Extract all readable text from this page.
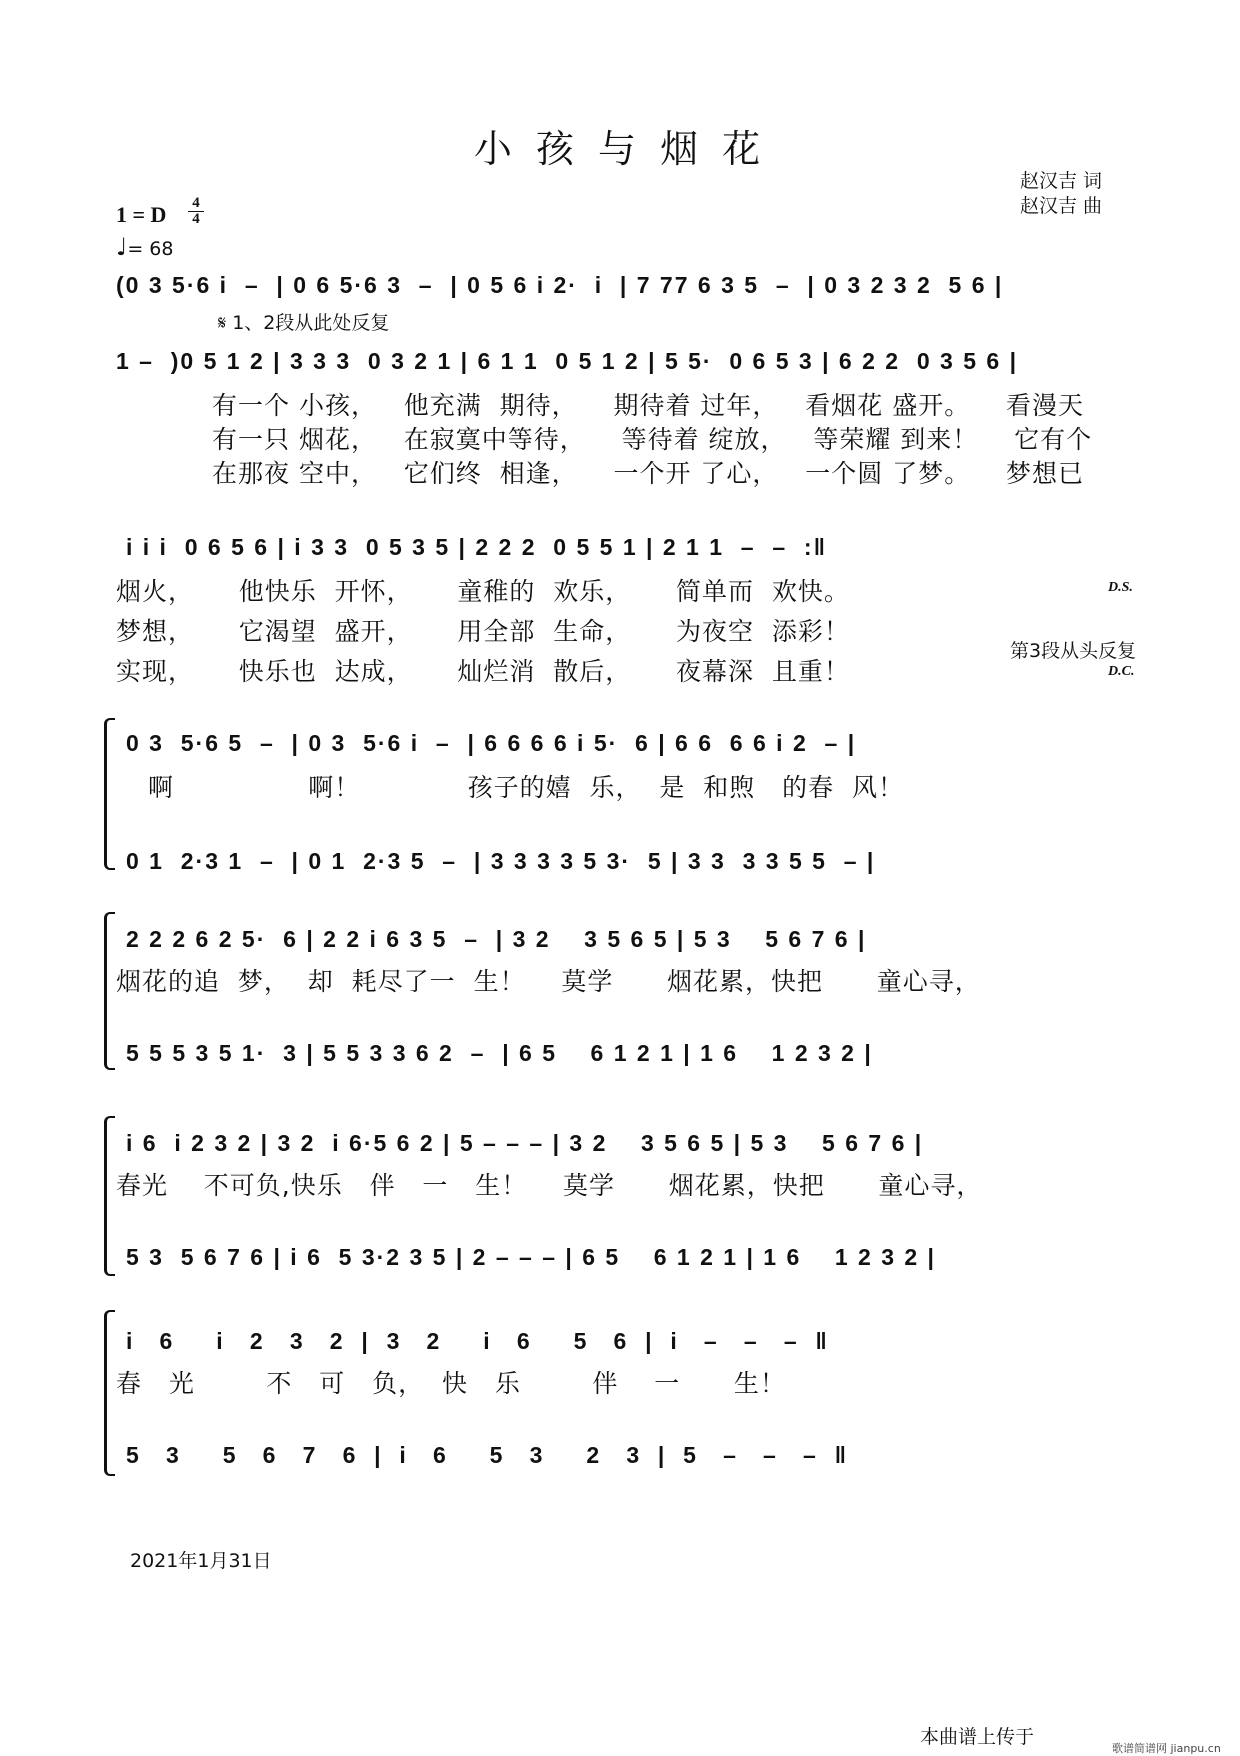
小 孩 与 烟 花
赵汉吉 词
赵汉吉 曲
1 = D 4
4
♩= 68
(0 3 5·6 i  –  | 0 6 5·6 3  –  | 0 5 6 i 2·  i  | 7 77 6 3 5  –  | 0 3 2 3 2  5 6 |
𝄋 1、2段从此处反复
1 –  )0 5 1 2 | 3 3 3  0 3 2 1 | 6 1 1  0 5 1 2 | 5 5·  0 6 5 3 | 6 2 2  0 3 5 6 |
有一个 小孩，   他充满  期待，    期待着 过年，   看烟花 盛开。    看漫天
有一只 烟花，   在寂寞中等待，    等待着 绽放，   等荣耀 到来！    它有个
在那夜 空中，   它们终  相逢，    一个开 了心，   一个圆 了梦。    梦想已
i i i  0 6 5 6 | i 3 3  0 5 3 5 | 2 2 2  0 5 5 1 | 2 1 1  –  –  :‖
烟火，     他快乐  开怀，     童稚的  欢乐，     简单而  欢快。
梦想，     它渴望  盛开，     用全部  生命，     为夜空  添彩！
实现，     快乐也  达成，     灿烂消  散后，     夜幕深  且重！
D.S.
第3段从头反复
D.C.
0 3  5·6 5  –  | 0 3  5·6 i  –  | 6 6 6 6 i 5·  6 | 6 6  6 6 i 2  – |
啊               啊！            孩子的嬉  乐，  是  和煦   的春  风！
0 1  2·3 1  –  | 0 1  2·3 5  –  | 3 3 3 3 5 3·  5 | 3 3  3 3 5 5  – |
2 2 2 6 2 5·  6 | 2 2 i 6 3 5  –  | 3 2    3 5 6 5 | 5 3    5 6 7 6 |
烟花的追  梦，  却  耗尽了一  生！    莫学      烟花累，快把      童心寻，
5 5 5 3 5 1·  3 | 5 5 3 3 6 2  –  | 6 5    6 1 2 1 | 1 6    1 2 3 2 |
i 6  i 2 3 2 | 3 2  i 6·5 6 2 | 5 – – – | 3 2    3 5 6 5 | 5 3    5 6 7 6 |
春光    不可负,快乐   伴   一   生！    莫学      烟花累，快把      童心寻，
5 3  5 6 7 6 | i 6  5 3·2 3 5 | 2 – – – | 6 5    6 1 2 1 | 1 6    1 2 3 2 |
i   6     i   2   3   2  |  3   2     i   6     5   6  |  i   –   –   –  ‖
春   光        不   可   负，  快   乐        伴    一      生！
5   3     5   6   7   6  |  i   6     5   3     2   3  |  5   –   –   –  ‖
2021年1月31日
本曲谱上传于
歌谱简谱网 jianpu.cn
